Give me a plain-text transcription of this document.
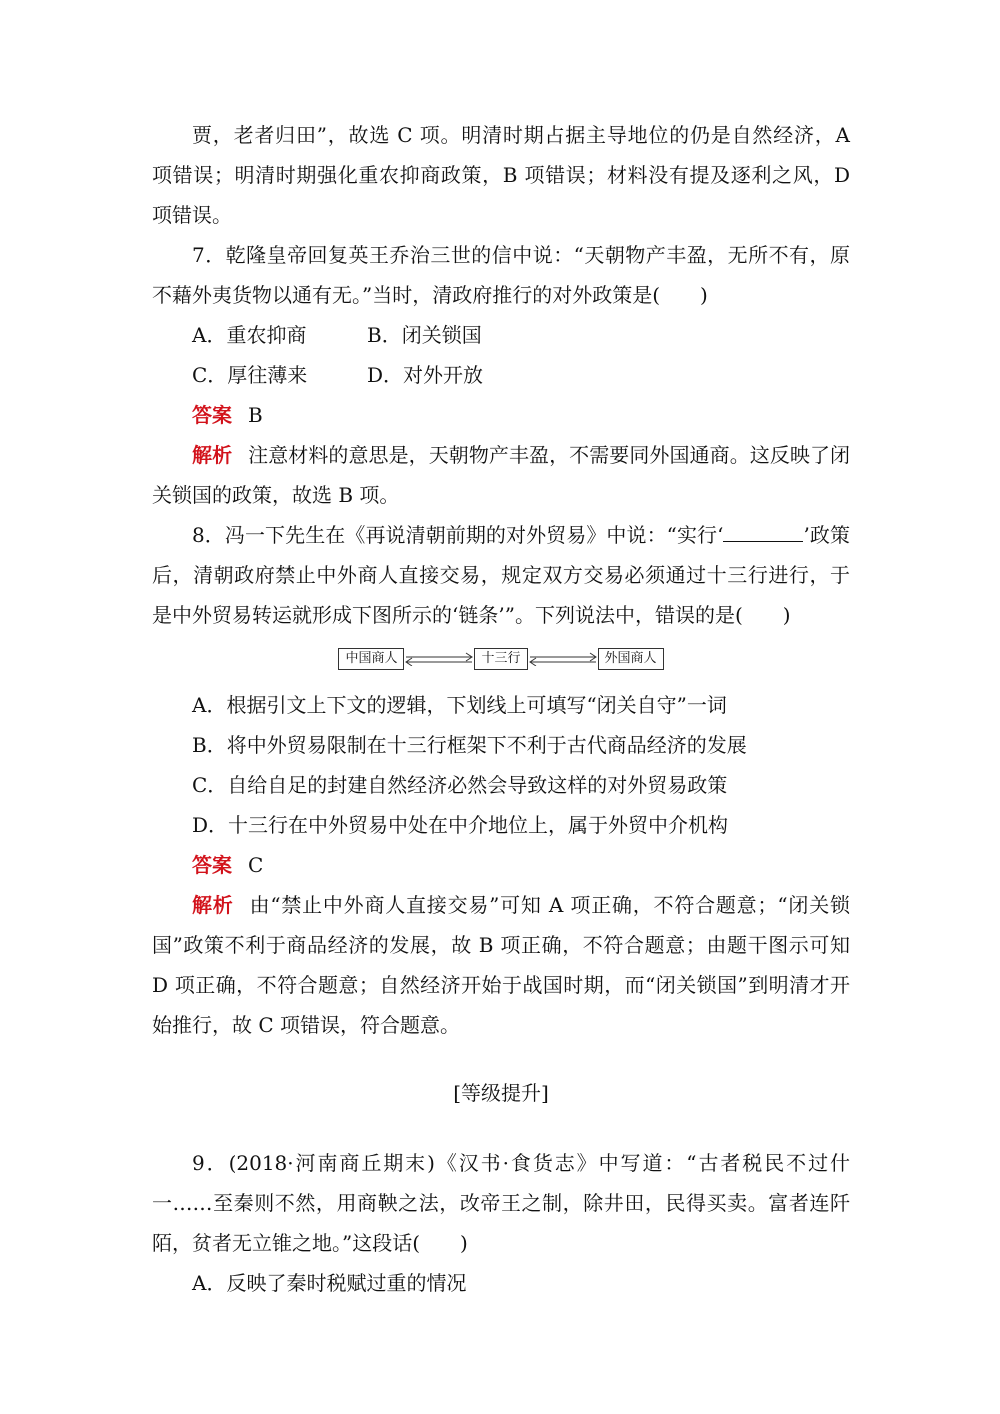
贾，老者归田”，故选 C 项。明清时期占据主导地位的仍是自然经济，A 项错误；明清时期强化重农抑商政策，B 项错误；材料没有提及逐利之风，D 项错误。

7．乾隆皇帝回复英王乔治三世的信中说：“天朝物产丰盈，无所不有，原不藉外夷货物以通有无。”当时，清政府推行的对外政策是(　　)

A．重农抑商	B．闭关锁国
C．厚往薄来	D．对外开放

答案 B

解析 注意材料的意思是，天朝物产丰盈，不需要同外国通商。这反映了闭关锁国的政策，故选 B 项。

8．冯一下先生在《再说清朝前期的对外贸易》中说：“实行‘	’政策后，清朝政府禁止中外商人直接交易，规定双方交易必须通过十三行进行，于是中外贸易转运就形成下图所示的‘链条’”。下列说法中，错误的是(　　)

中国商人	十三行	外国商人

A．根据引文上下文的逻辑，下划线上可填写“闭关自守”一词

B．将中外贸易限制在十三行框架下不利于古代商品经济的发展

C．自给自足的封建自然经济必然会导致这样的对外贸易政策

D．十三行在中外贸易中处在中介地位上，属于外贸中介机构

答案 C

解析 由“禁止中外商人直接交易”可知 A 项正确，不符合题意；“闭关锁国”政策不利于商品经济的发展，故 B 项正确，不符合题意；由题干图示可知 D 项正确，不符合题意；自然经济开始于战国时期，而“闭关锁国”到明清才开始推行，故 C 项错误，符合题意。

[等级提升]

9．(2018·河南商丘期末)《汉书·食货志》中写道：“古者税民不过什一……至秦则不然，用商鞅之法，改帝王之制，除井田，民得买卖。富者连阡陌，贫者无立锥之地。”这段话(　　)

A．反映了秦时税赋过重的情况
